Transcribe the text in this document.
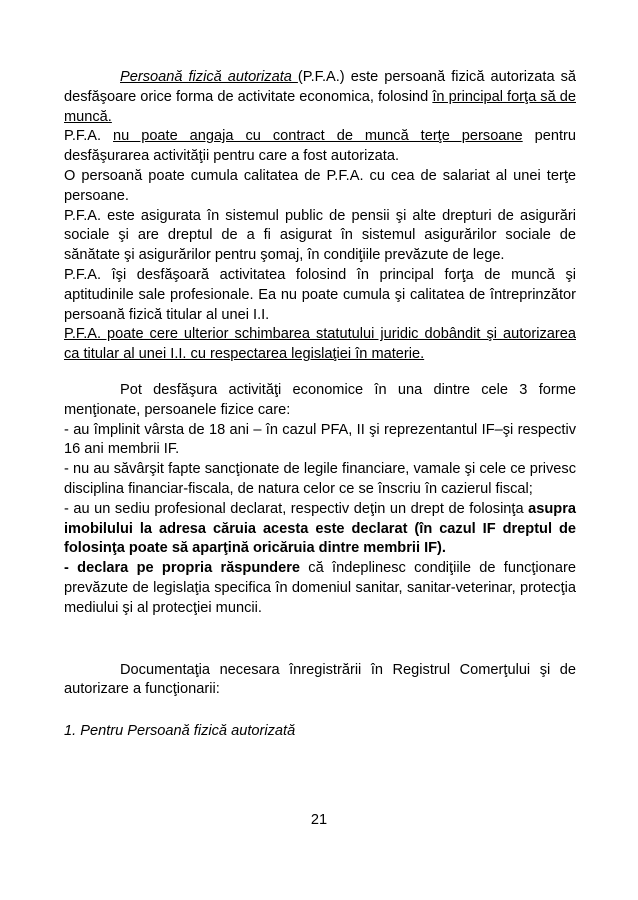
Persoană fizică autorizata (P.F.A.) este persoană fizică autorizata să desfăşoare orice forma de activitate economica, folosind în principal forţa să de muncă.

P.F.A. nu poate angaja cu contract de muncă terţe persoane pentru desfăşurarea activităţii pentru care a fost autorizata.

O persoană poate cumula calitatea de P.F.A. cu cea de salariat al unei terţe persoane.

P.F.A. este asigurata în sistemul public de pensii şi alte drepturi de asigurări sociale şi are dreptul de a fi asigurat în sistemul asigurărilor sociale de sănătate şi asigurărilor pentru şomaj, în condiţiile prevăzute de lege.

P.F.A. îşi desfăşoară activitatea folosind în principal forţa de muncă şi aptitudinile sale profesionale. Ea nu poate cumula şi calitatea de întreprinzător persoană fizică titular al unei I.I.

P.F.A. poate cere ulterior schimbarea statutului juridic dobândit şi autorizarea ca titular al unei I.I. cu respectarea legislaţiei în materie.

Pot desfăşura activităţi economice în una dintre cele 3 forme menţionate, persoanele fizice care:

- au împlinit vârsta de 18 ani – în cazul PFA, II şi reprezentantul IF–şi respectiv 16 ani membrii IF.

- nu au săvârşit fapte sancţionate de legile financiare, vamale şi cele ce privesc disciplina financiar-fiscala, de natura celor ce se înscriu în cazierul fiscal;

- au un sediu profesional declarat, respectiv deţin un drept de folosinţa asupra imobilului la adresa căruia acesta este declarat (în cazul IF dreptul de folosinţa poate să aparţină oricăruia dintre membrii IF).

- declara pe propria răspundere că îndeplinesc condiţiile de funcţionare prevăzute de legislaţia specifica în domeniul sanitar, sanitar-veterinar, protecţia mediului şi al protecţiei muncii.

Documentaţia necesara înregistrării în Registrul Comerţului şi de autorizare a funcţionarii:

1. Pentru Persoană fizică autorizată

21
